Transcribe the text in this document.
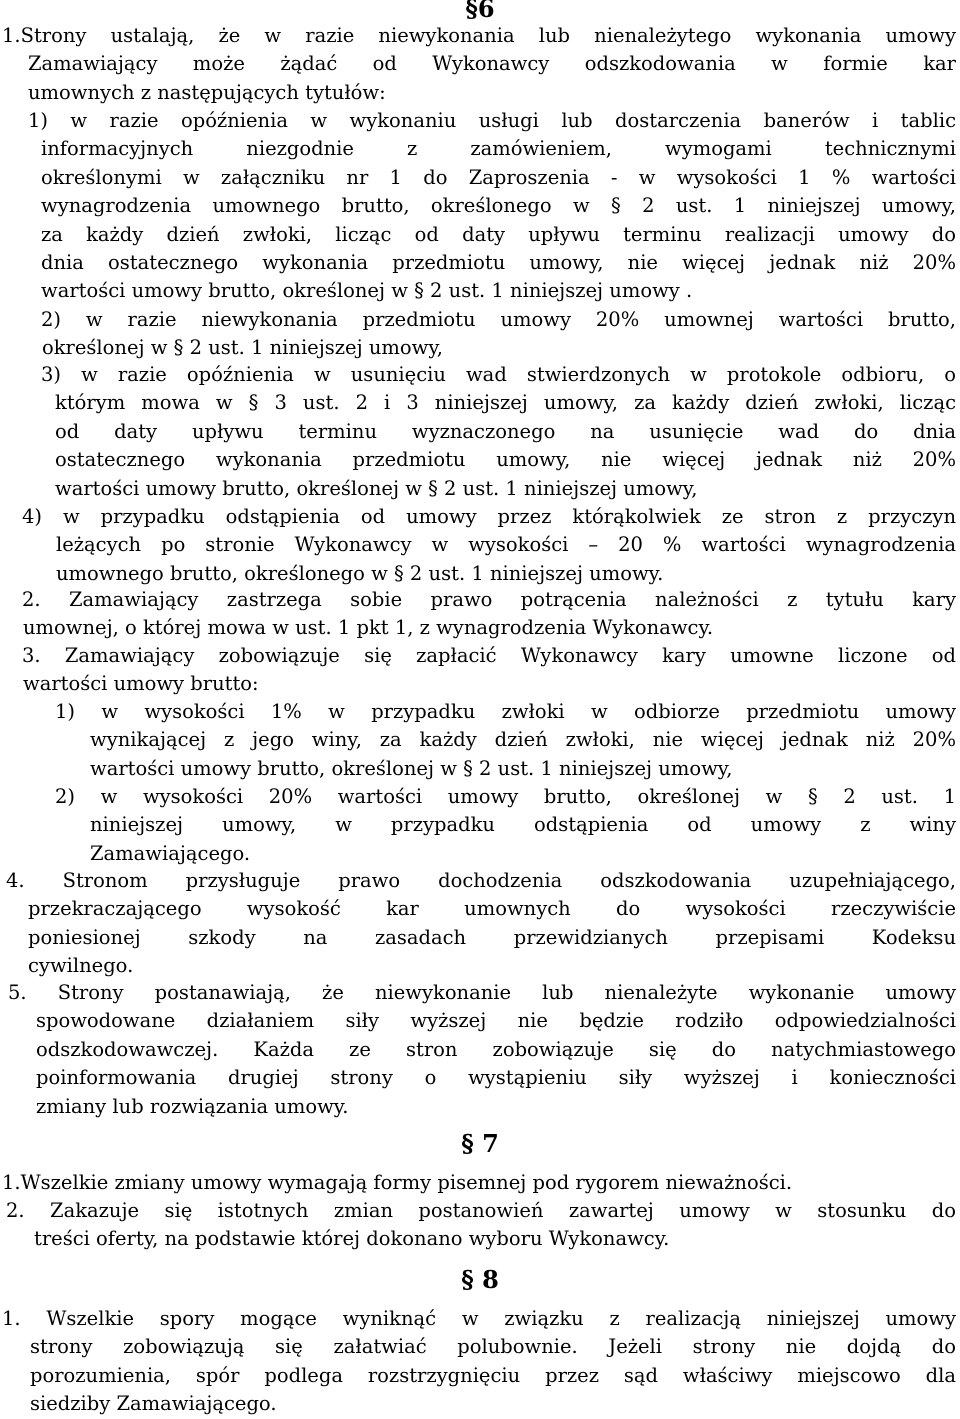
§6
1.Strony ustalają, że w razie niewykonania lub nienależytego wykonania umowy
Zamawiający może żądać od Wykonawcy odszkodowania w formie kar
umownych z następujących tytułów:
1) w razie opóźnienia w wykonaniu usługi lub dostarczenia banerów i tablic
informacyjnych niezgodnie z zamówieniem, wymogami technicznymi
określonymi w załączniku nr 1 do Zaproszenia - w wysokości 1 % wartości
wynagrodzenia umownego brutto, określonego w § 2 ust. 1 niniejszej umowy,
za każdy dzień zwłoki, licząc od daty upływu terminu realizacji umowy do
dnia ostatecznego wykonania przedmiotu umowy, nie więcej jednak niż 20%
wartości umowy brutto, określonej w § 2 ust. 1 niniejszej umowy .
2) w razie niewykonania przedmiotu umowy 20% umownej wartości brutto,
określonej w § 2 ust. 1 niniejszej umowy,
3) w razie opóźnienia w usunięciu wad stwierdzonych w protokole odbioru, o
którym mowa w § 3 ust. 2 i 3 niniejszej umowy, za każdy dzień zwłoki, licząc
od daty upływu terminu wyznaczonego na usunięcie wad do dnia
ostatecznego wykonania przedmiotu umowy, nie więcej jednak niż 20%
wartości umowy brutto, określonej w § 2 ust. 1 niniejszej umowy,
4) w przypadku odstąpienia od umowy przez którąkolwiek ze stron z przyczyn
leżących po stronie Wykonawcy w wysokości – 20 % wartości wynagrodzenia
umownego brutto, określonego w § 2 ust. 1 niniejszej umowy.
2. Zamawiający zastrzega sobie prawo potrącenia należności z tytułu kary
umownej, o której mowa w ust. 1 pkt 1, z wynagrodzenia Wykonawcy.
3. Zamawiający zobowiązuje się zapłacić Wykonawcy kary umowne liczone od
wartości umowy brutto:
1) w wysokości 1% w przypadku zwłoki w odbiorze przedmiotu umowy
wynikającej z jego winy, za każdy dzień zwłoki, nie więcej jednak niż 20%
wartości umowy brutto, określonej w § 2 ust. 1 niniejszej umowy,
2) w wysokości 20% wartości umowy brutto, określonej w § 2 ust. 1
niniejszej umowy, w przypadku odstąpienia od umowy z winy
Zamawiającego.
4. Stronom przysługuje prawo dochodzenia odszkodowania uzupełniającego,
przekraczającego wysokość kar umownych do wysokości rzeczywiście
poniesionej szkody na zasadach przewidzianych przepisami Kodeksu
cywilnego.
5. Strony postanawiają, że niewykonanie lub nienależyte wykonanie umowy
spowodowane działaniem siły wyższej nie będzie rodziło odpowiedzialności
odszkodowawczej. Każda ze stron zobowiązuje się do natychmiastowego
poinformowania drugiej strony o wystąpieniu siły wyższej i konieczności
zmiany lub rozwiązania umowy.
§ 7
1.Wszelkie zmiany umowy wymagają formy pisemnej pod rygorem nieważności.
2. Zakazuje się istotnych zmian postanowień zawartej umowy w stosunku do
treści oferty, na podstawie której dokonano wyboru Wykonawcy.
§ 8
1. Wszelkie spory mogące wyniknąć w związku z realizacją niniejszej umowy
strony zobowiązują się załatwiać polubownie. Jeżeli strony nie dojdą do
porozumienia, spór podlega rozstrzygnięciu przez sąd właściwy miejscowo dla
siedziby Zamawiającego.
